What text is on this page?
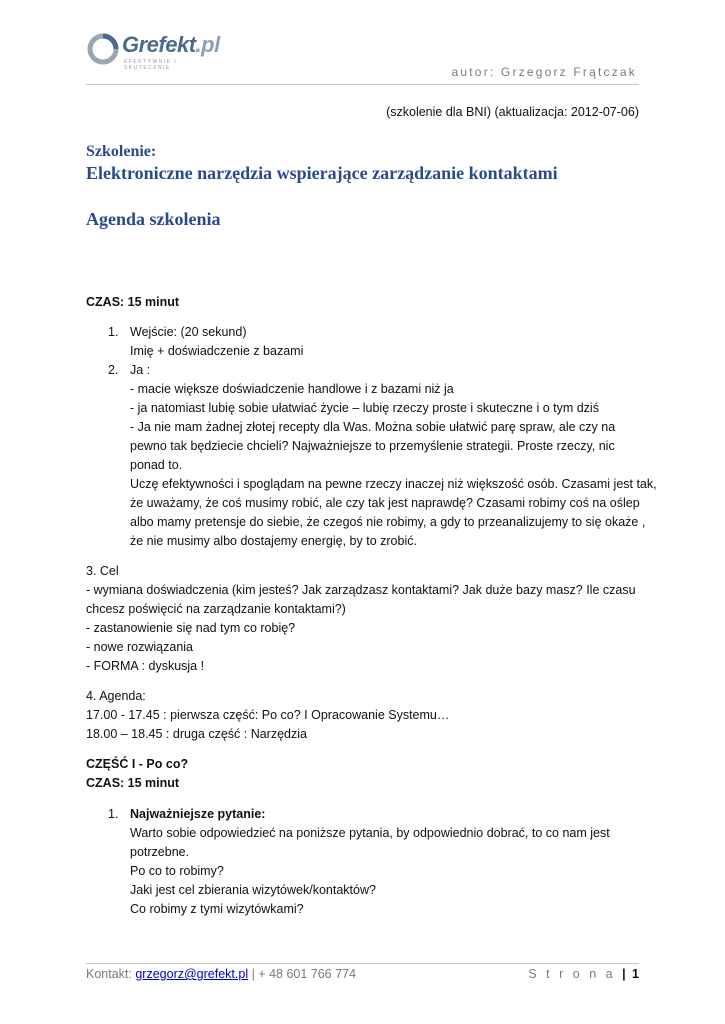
Grefekt.pl
EFEKTYWNIE I SKUTECZNIE	autor: Grzegorz Frątczak
(szkolenie dla BNI) (aktualizacja: 2012-07-06)
Szkolenie:
Elektroniczne narzędzia wspierające zarządzanie kontaktami
Agenda szkolenia
CZAS: 15 minut
1. Wejście: (20 sekund)
Imię + doświadczenie z bazami
2. Ja :
- macie większe doświadczenie handlowe i z bazami niż ja
- ja natomiast lubię sobie ułatwiać życie – lubię rzeczy proste i skuteczne i o tym dziś
- Ja nie mam żadnej złotej recepty dla Was. Można sobie ułatwić parę spraw, ale czy na
pewno tak będziecie chcieli? Najważniejsze to przemyślenie strategii. Proste rzeczy, nic
ponad to.
Uczę efektywności i spoglądam na pewne rzeczy inaczej niż większość osób. Czasami jest tak,
że uważamy, że coś musimy robić, ale czy tak jest naprawdę? Czasami robimy coś na oślep
albo mamy pretensje do siebie, że czegoś nie robimy, a gdy to przeanalizujemy to się okaże ,
że nie musimy albo dostajemy energię, by to zrobić.
3. Cel
- wymiana doświadczenia (kim jesteś? Jak zarządzasz kontaktami? Jak duże bazy masz? Ile czasu
chcesz poświęcić na zarządzanie kontaktami?)
- zastanowienie się nad tym co robię?
- nowe rozwiązania
- FORMA : dyskusja !
4. Agenda:
17.00 - 17.45 : pierwsza część: Po co? I Opracowanie Systemu…
18.00 – 18.45 : druga część : Narzędzia
CZĘŚĆ I - Po co?
CZAS: 15 minut
1. Najważniejsze pytanie:
Warto sobie odpowiedzieć na poniższe pytania, by odpowiednio dobrać, to co nam jest
potrzebne.
Po co to robimy?
Jaki jest cel zbierania wizytówek/kontaktów?
Co robimy z tymi wizytówkami?
Kontakt: grzegorz@grefekt.pl | + 48 601 766 774	S t r o n a | 1
